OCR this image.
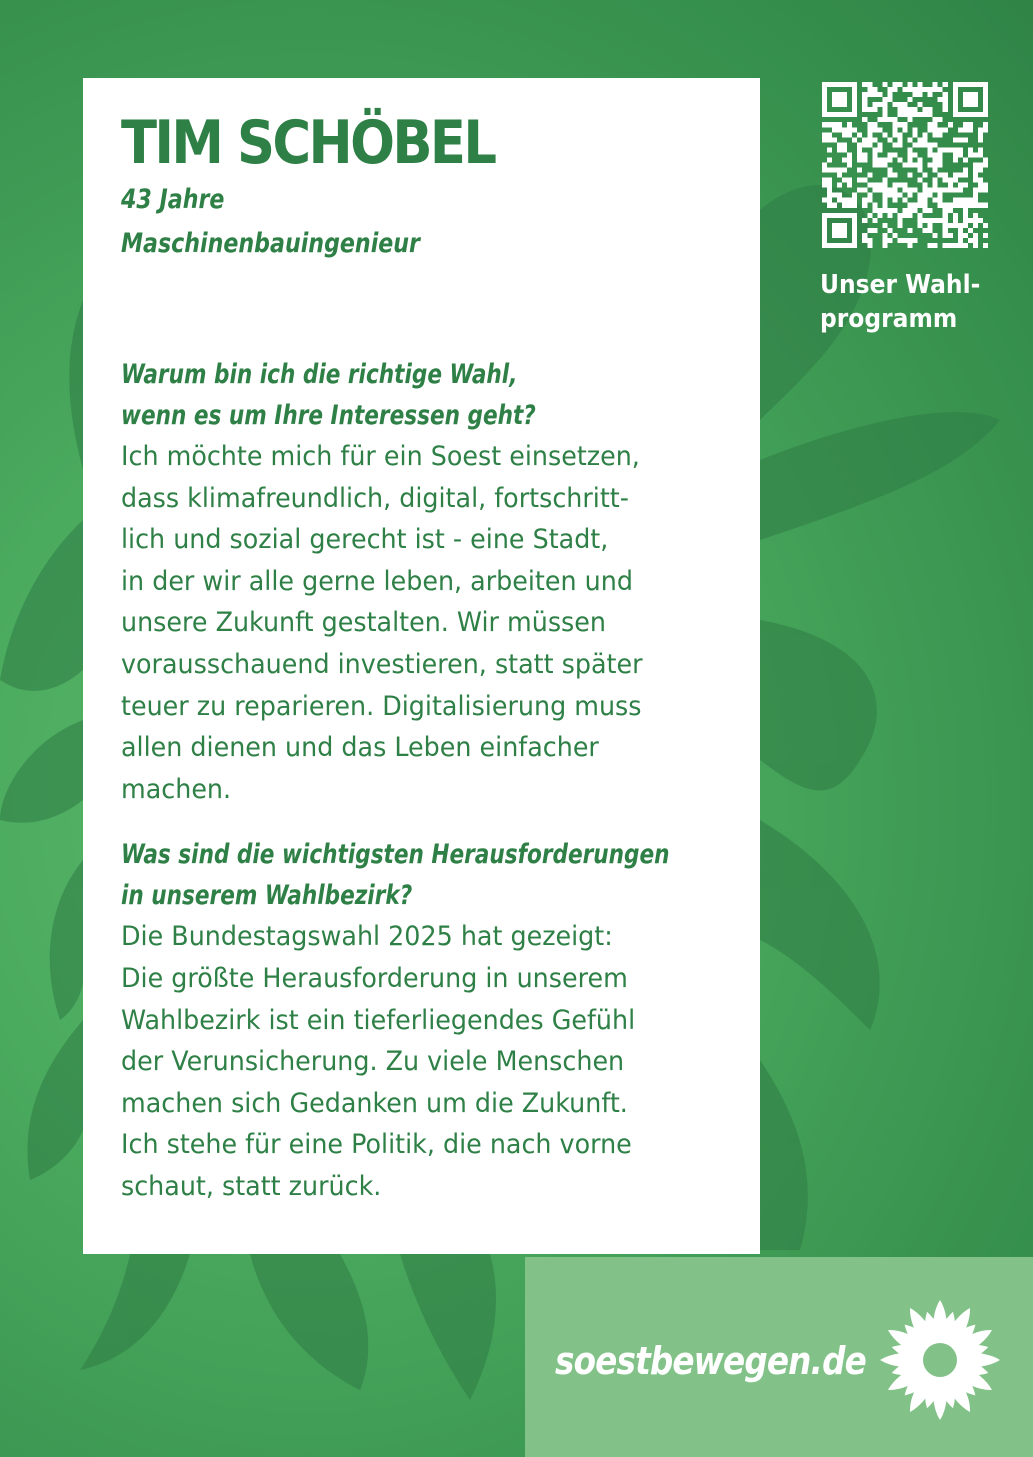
TIM SCHÖBEL

43 Jahre

Maschinenbauingenieur

Warum bin ich die richtige Wahl,

wenn es um Ihre Interessen geht?

Ich möchte mich für ein Soest einsetzen,

dass klimafreundlich, digital, fortschritt-

lich und sozial gerecht ist - eine Stadt,

in der wir alle gerne leben, arbeiten und

unsere Zukunft gestalten. Wir müssen

vorausschauend investieren, statt später

teuer zu reparieren. Digitalisierung muss

allen dienen und das Leben einfacher

machen.

Was sind die wichtigsten Herausforderungen

in unserem Wahlbezirk?

Die Bundestagswahl 2025 hat gezeigt:

Die größte Herausforderung in unserem

Wahlbezirk ist ein tieferliegendes Gefühl

der Verunsicherung. Zu viele Menschen

machen sich Gedanken um die Zukunft.

Ich stehe für eine Politik, die nach vorne

schaut, statt zurück.

Unser Wahl-
programm
soestbewegen.de
